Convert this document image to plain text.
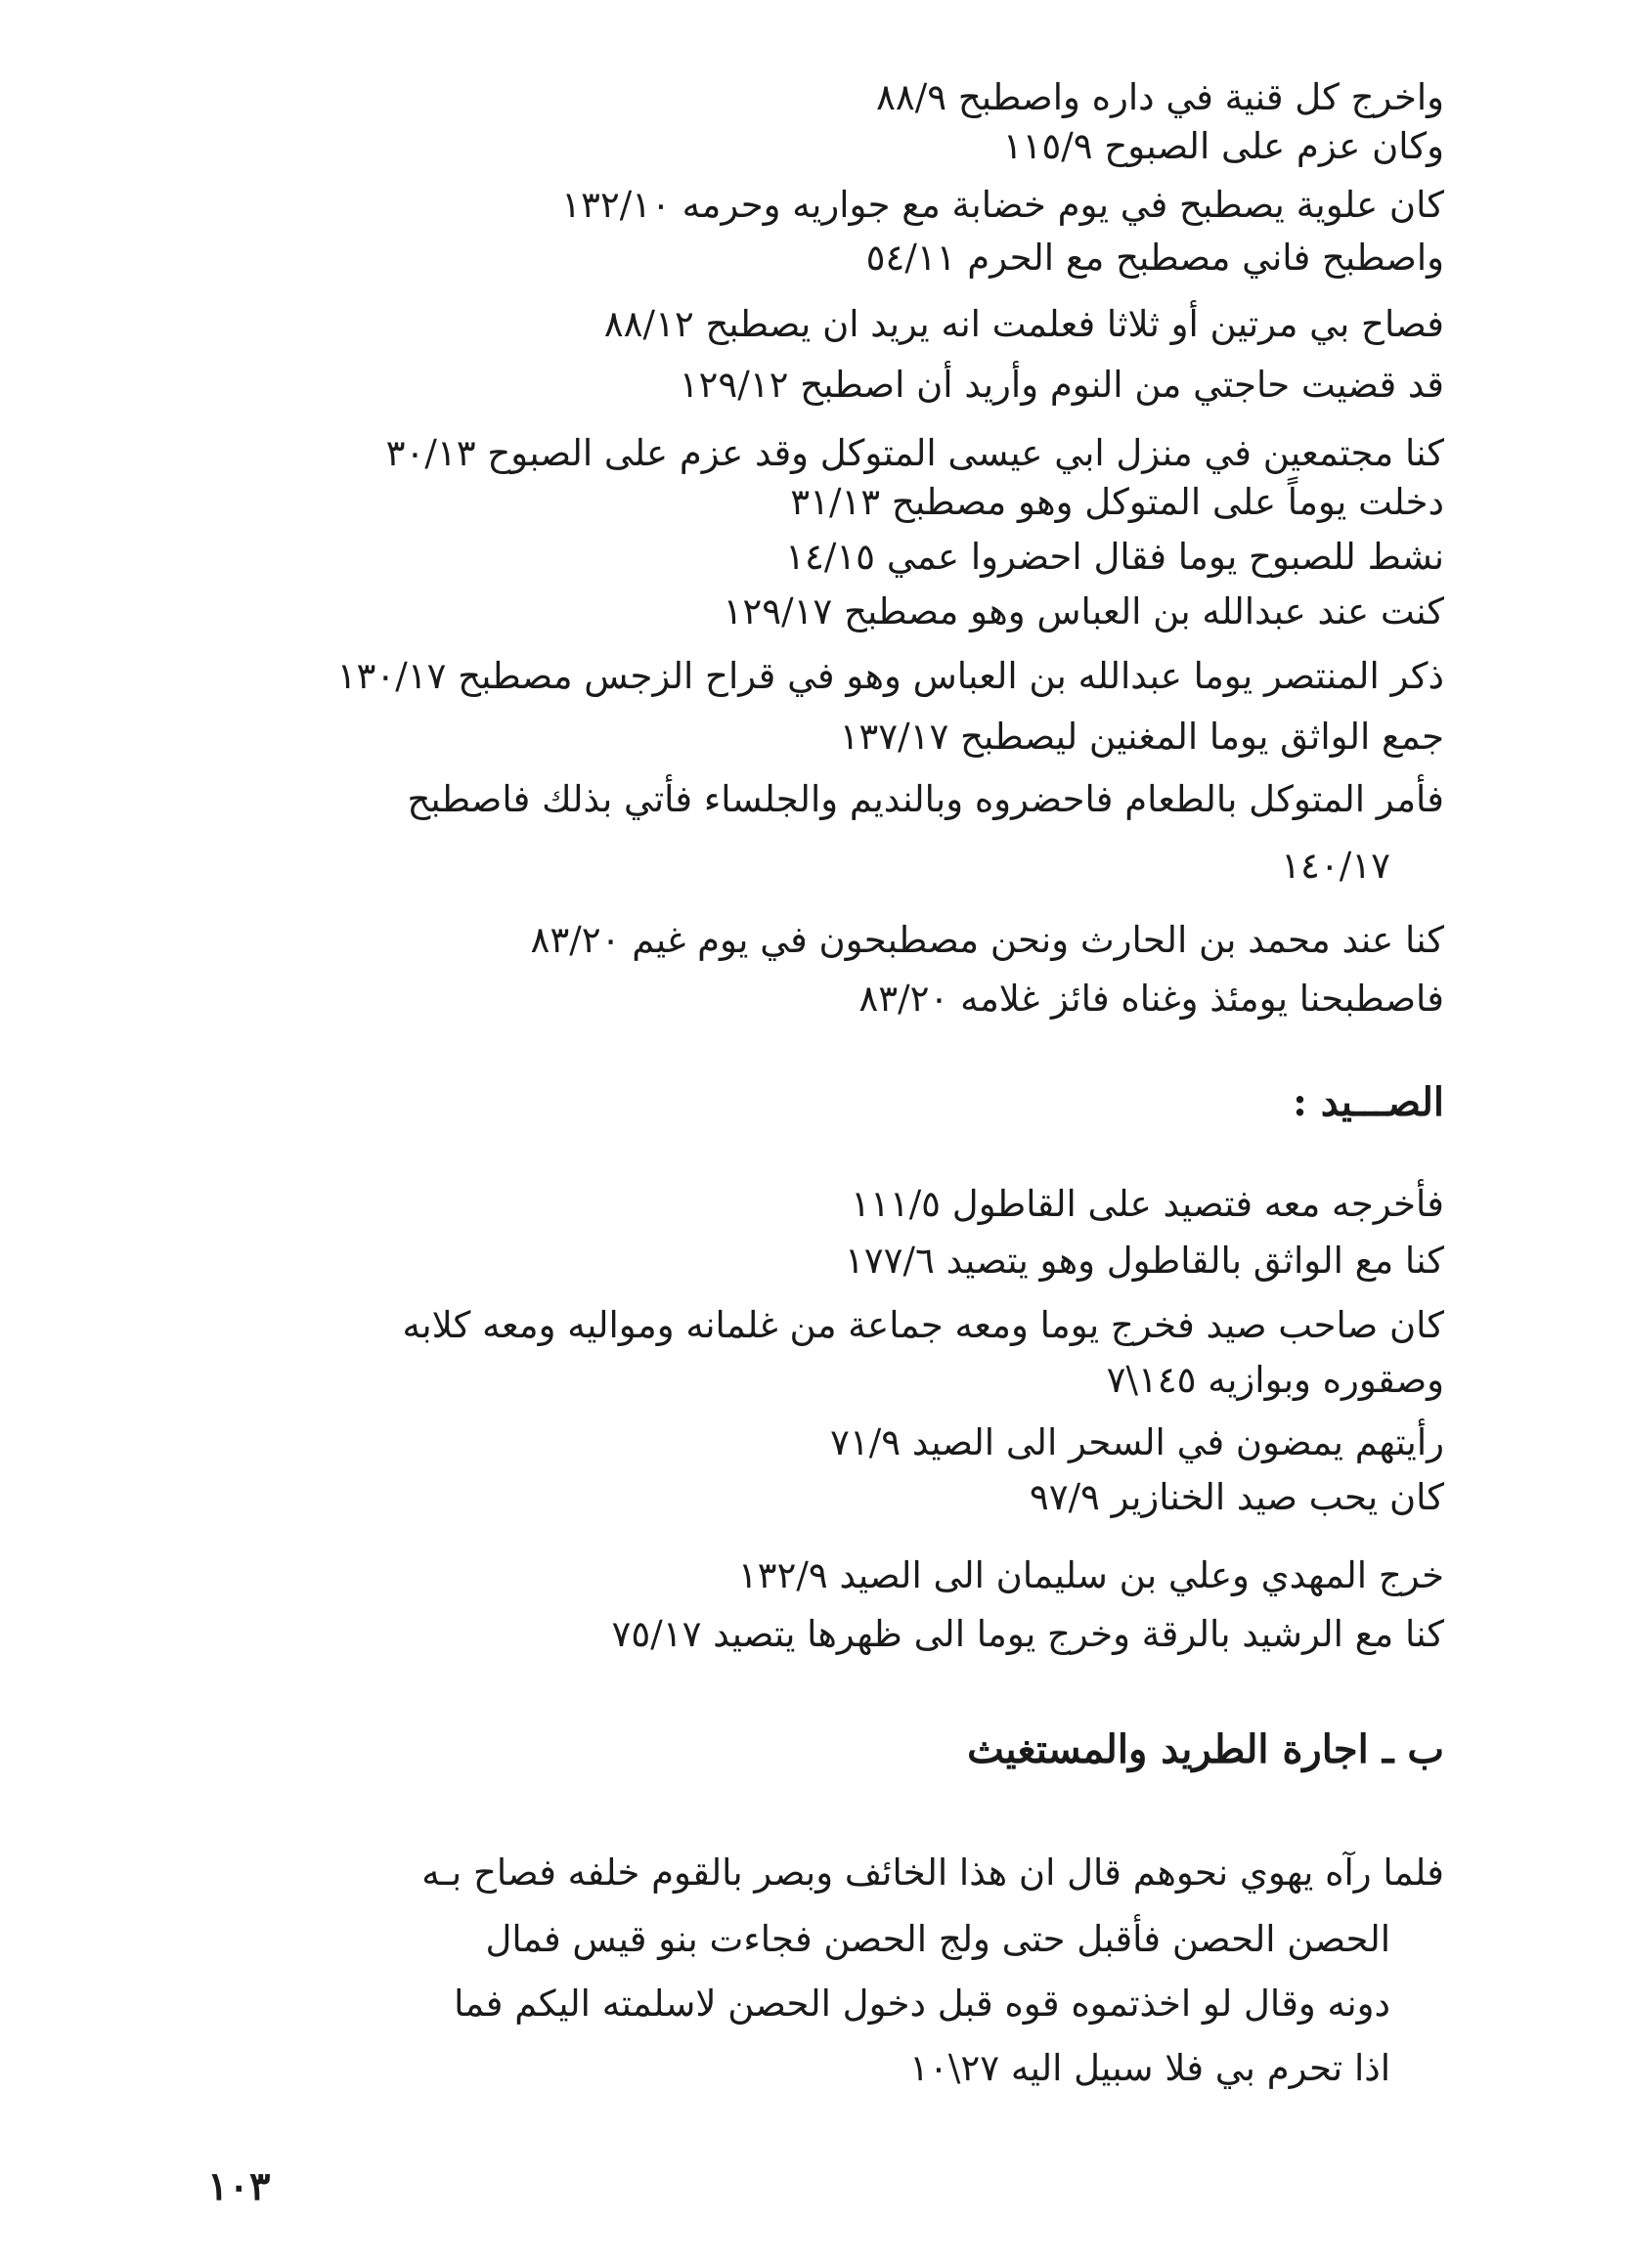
واخرج كل قنية في داره واصطبح ٨٨/٩
وكان عزم على الصبوح ١١٥/٩
كان علوية يصطبح في يوم خضابة مع جواريه وحرمه ١٣٢/١٠
واصطبح فاني مصطبح مع الحرم ٥٤/١١
فصاح بي مرتين أو ثلاثا فعلمت انه يريد ان يصطبح ٨٨/١٢
قد قضيت حاجتي من النوم وأريد أن اصطبح ١٢٩/١٢
كنا مجتمعين في منزل ابي عيسى المتوكل وقد عزم على الصبوح ٣٠/١٣
دخلت يوماً على المتوكل وهو مصطبح ٣١/١٣
نشط للصبوح يوما فقال احضروا عمي ١٤/١٥
كنت عند عبدالله بن العباس وهو مصطبح ١٢٩/١٧
ذكر المنتصر يوما عبدالله بن العباس وهو في قراح الزجس مصطبح ١٣٠/١٧
جمع الواثق يوما المغنين ليصطبح ١٣٧/١٧
فأمر المتوكل بالطعام فاحضروه وبالنديم والجلساء فأتي بذلك فاصطبح
١٤٠/١٧
كنا عند محمد بن الحارث ونحن مصطبحون في يوم غيم ٨٣/٢٠
فاصطبحنا يومئذ وغناه فائز غلامه ٨٣/٢٠
الصـــيد :
فأخرجه معه فتصيد على القاطول ١١١/٥
كنا مع الواثق بالقاطول وهو يتصيد ١٧٧/٦
كان صاحب صيد فخرج يوما ومعه جماعة من غلمانه ومواليه ومعه كلابه
وصقوره وبوازيه ١٤٥\٧
رأيتهم يمضون في السحر الى الصيد ٧١/٩
كان يحب صيد الخنازير ٩٧/٩
خرج المهدي وعلي بن سليمان الى الصيد ١٣٢/٩
كنا مع الرشيد بالرقة وخرج يوما الى ظهرها يتصيد ٧٥/١٧
ب ـ اجارة الطريد والمستغيث
فلما رآه يهوي نحوهم قال ان هذا الخائف وبصر بالقوم خلفه فصاح بـه
الحصن الحصن فأقبل حتى ولج الحصن فجاءت بنو قيس فمال
دونه وقال لو اخذتموه قوه قبل دخول الحصن لاسلمته اليكم فما
اذا تحرم بي فلا سبيل اليه ٢٧\١٠
١٠٣
